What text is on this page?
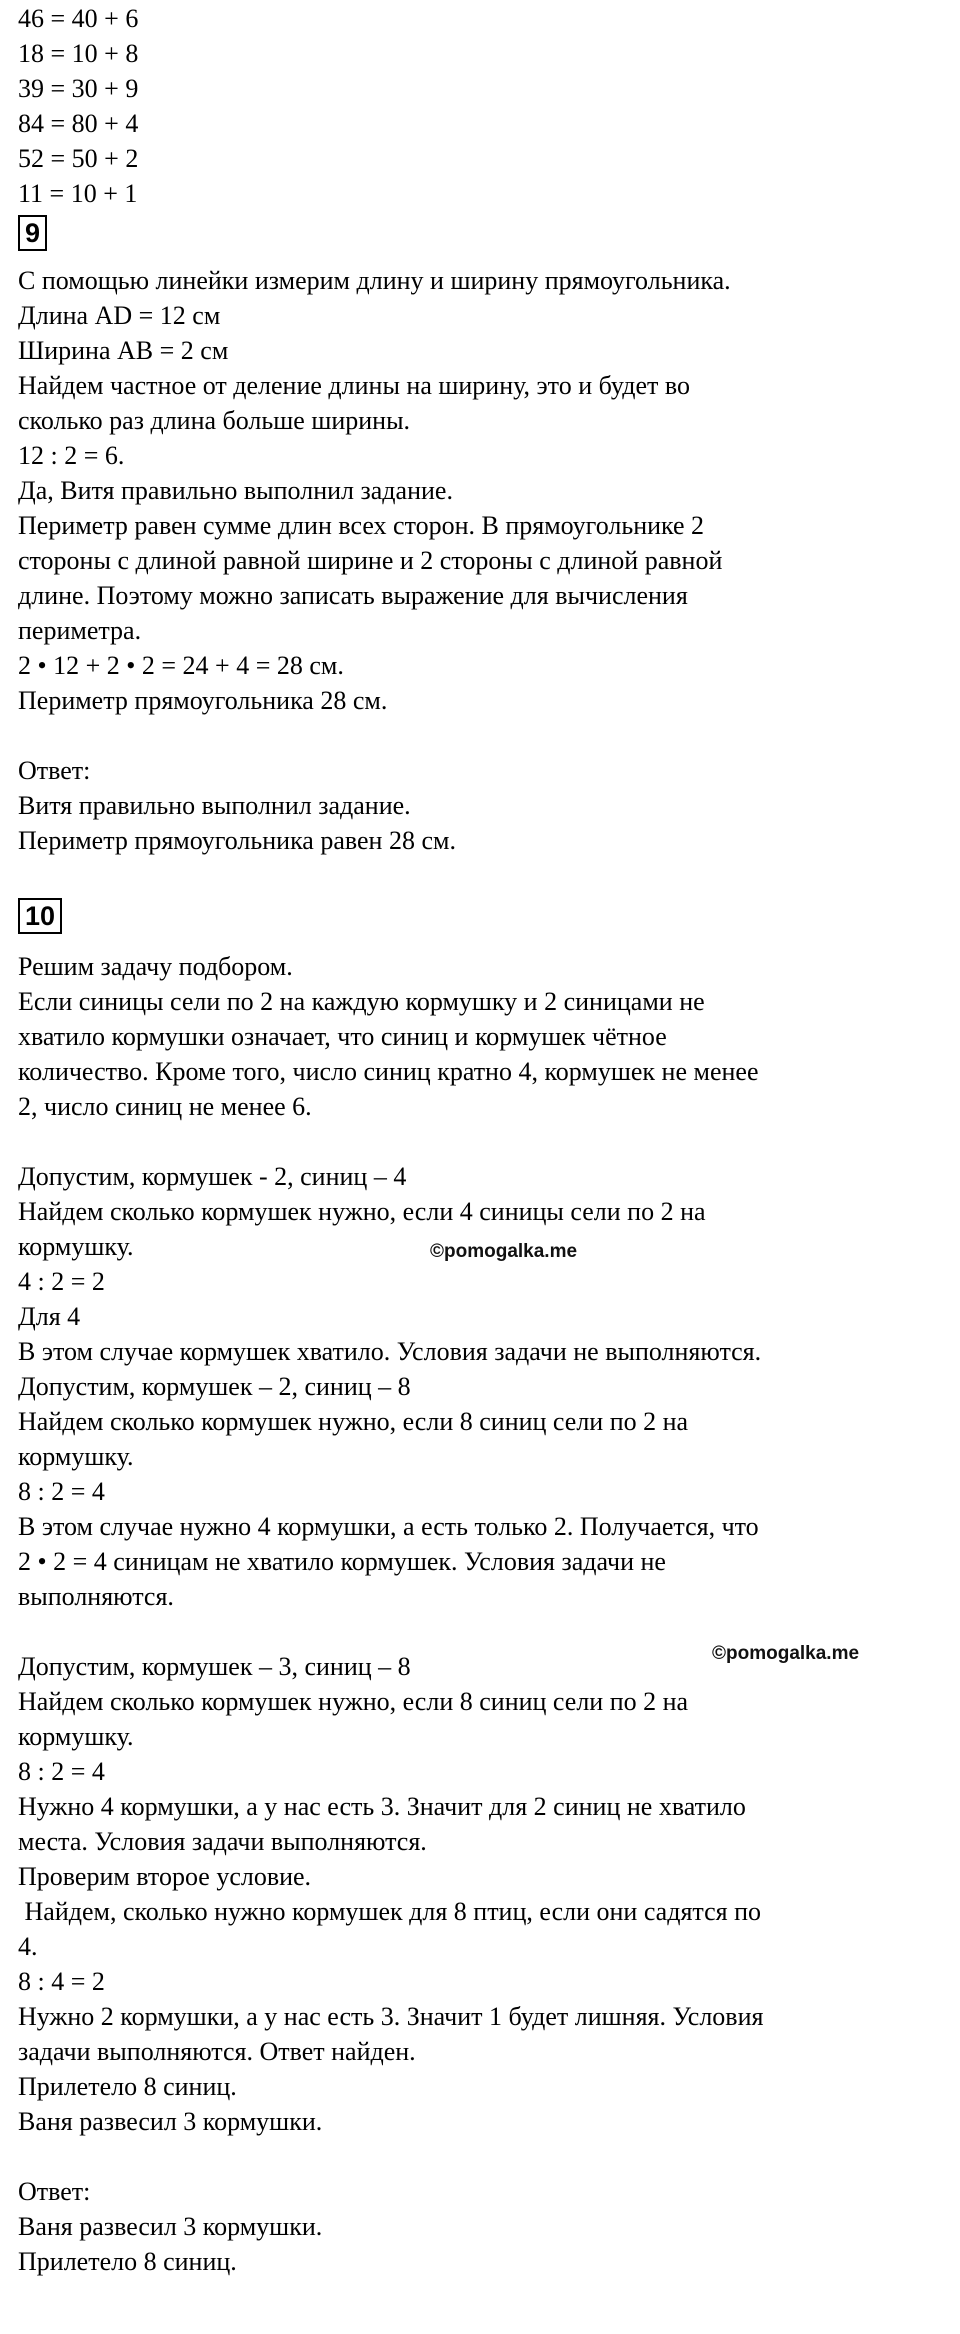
46 = 40 + 6
18 = 10 + 8
39 = 30 + 9
84 = 80 + 4
52 = 50 + 2
11 = 10 + 1
9
С помощью линейки измерим длину и ширину прямоугольника.
Длина AD = 12 см
Ширина AB = 2 см
Найдем частное от деление длины на ширину, это и будет во
сколько раз длина больше ширины.
12 : 2 = 6.
Да, Витя правильно выполнил задание.
Периметр равен сумме длин всех сторон. В прямоугольнике 2
стороны с длиной равной ширине и 2 стороны с длиной равной
длине. Поэтому можно записать выражение для вычисления
периметра.
2 • 12 + 2 • 2 = 24 + 4 = 28 см.
Периметр прямоугольника 28 см.
Ответ:
Витя правильно выполнил задание.
Периметр прямоугольника равен 28 см.
10
Решим задачу подбором.
Если синицы сели по 2 на каждую кормушку и 2 синицами не
хватило кормушки означает, что синиц и кормушек чётное
количество. Кроме того, число синиц кратно 4, кормушек не менее
2, число синиц не менее 6.
Допустим, кормушек - 2, синиц – 4
Найдем сколько кормушек нужно, если 4 синицы сели по 2 на
кормушку.	©pomogalka.me
4 : 2 = 2
Для 4
В этом случае кормушек хватило. Условия задачи не выполняются.
Допустим, кормушек – 2, синиц – 8
Найдем сколько кормушек нужно, если 8 синиц сели по 2 на
кормушку.
8 : 2 = 4
В этом случае нужно 4 кормушки, а есть только 2. Получается, что
2 • 2 = 4 синицам не хватило кормушек. Условия задачи не
выполняются.
©pomogalka.me
Допустим, кормушек – 3, синиц – 8
Найдем сколько кормушек нужно, если 8 синиц сели по 2 на
кормушку.
8 : 2 = 4
Нужно 4 кормушки, а у нас есть 3. Значит для 2 синиц не хватило
места. Условия задачи выполняются.
Проверим второе условие.
Найдем, сколько нужно кормушек для 8 птиц, если они садятся по
4.
8 : 4 = 2
Нужно 2 кормушки, а у нас есть 3. Значит 1 будет лишняя. Условия
задачи выполняются. Ответ найден.
Прилетело 8 синиц.
Ваня развесил 3 кормушки.
Ответ:
Ваня развесил 3 кормушки.
Прилетело 8 синиц.
